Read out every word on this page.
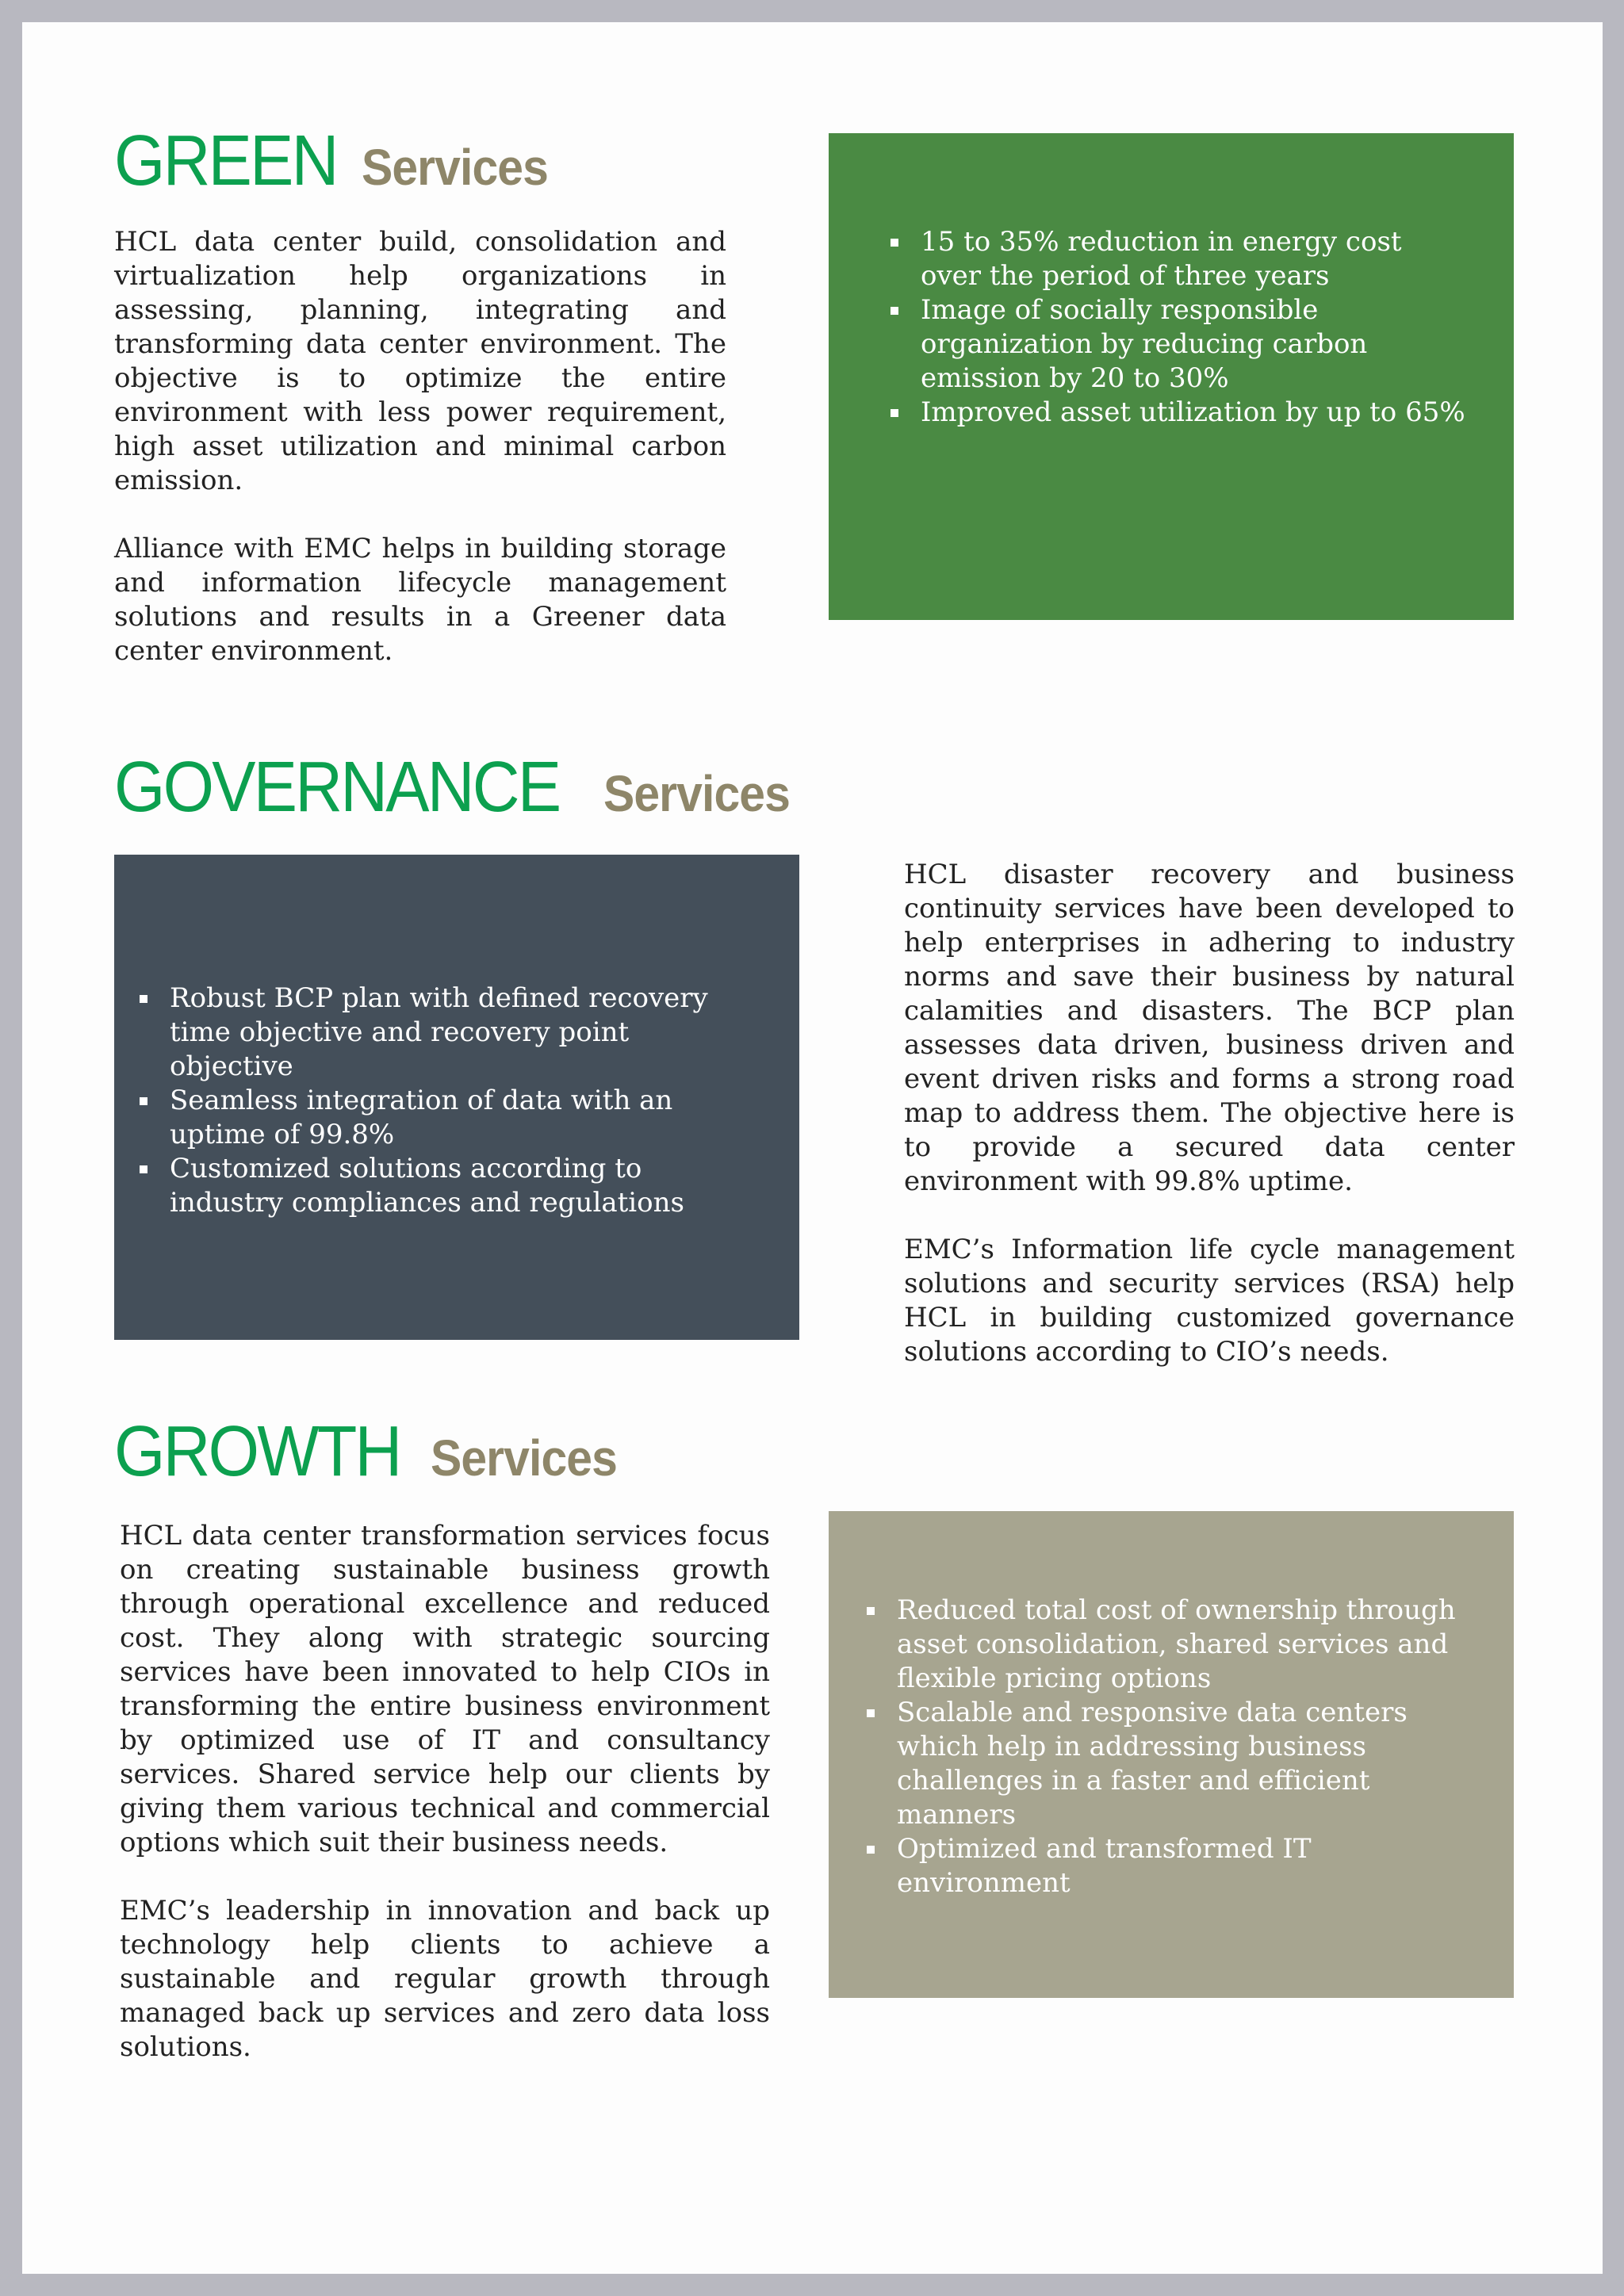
GREEN Services

HCL data center build, consolidation and virtualization help organizations in assessing, planning, integrating and transforming data center environment. The objective is to optimize the entire environment with less power requirement, high asset utilization and minimal carbon emission.

Alliance with EMC helps in building storage and information lifecycle management solutions and results in a Greener data center environment.

15 to 35% reduction in energy cost over the period of three years
Image of socially responsible organization by reducing carbon emission by 20 to 30%
Improved asset utilization by up to 65%
GOVERNANCE Services
Robust BCP plan with defined recovery time objective and recovery point objective
Seamless integration of data with an uptime of 99.8%
Customized solutions according to industry compliances and regulations

HCL disaster recovery and business continuity services have been developed to help enterprises in adhering to industry norms and save their business by natural calamities and disasters. The BCP plan assesses data driven, business driven and event driven risks and forms a strong road map to address them. The objective here is to provide a secured data center environment with 99.8% uptime.

EMC’s Information life cycle management solutions and security services (RSA) help HCL in building customized governance solutions according to CIO’s needs.

GROWTH Services

HCL data center transformation services focus on creating sustainable business growth through operational excellence and reduced cost. They along with strategic sourcing services have been innovated to help CIOs in transforming the entire business environment by optimized use of IT and consultancy services. Shared service help our clients by giving them various technical and commercial options which suit their business needs.

EMC’s leadership in innovation and back up technology help clients to achieve a sustainable and regular growth through managed back up services and zero data loss solutions.

Reduced total cost of ownership through asset consolidation, shared services and flexible pricing options
Scalable and responsive data centers which help in addressing business challenges in a faster and efficient manners
Optimized and transformed IT environment
